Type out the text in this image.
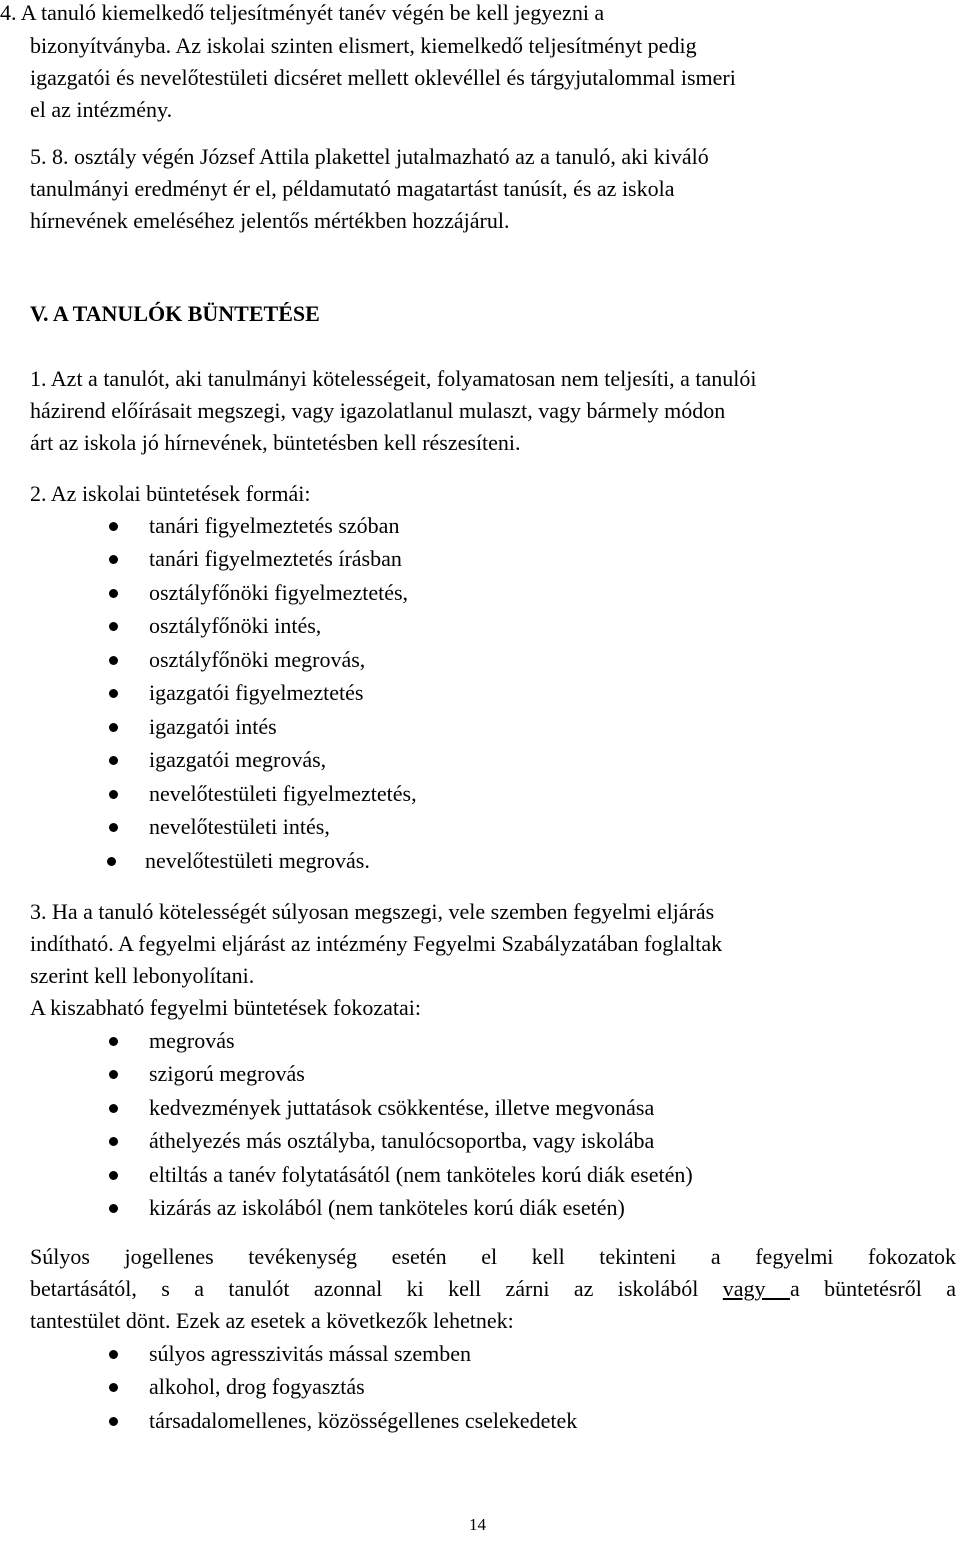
4. A tanuló kiemelkedő teljesítményét tanév végén be kell jegyezni a
bizonyítványba. Az iskolai szinten elismert, kiemelkedő teljesítményt pedig
igazgatói és nevelőtestületi dicséret mellett oklevéllel és tárgyjutalommal ismeri
el az intézmény.
5. 8. osztály végén József Attila plakettel jutalmazható az a tanuló, aki kiváló
tanulmányi eredményt ér el, példamutató magatartást tanúsít, és az iskola
hírnevének emeléséhez jelentős mértékben hozzájárul.
V. A TANULÓK BÜNTETÉSE
1. Azt a tanulót, aki tanulmányi kötelességeit, folyamatosan nem teljesíti, a tanulói
házirend előírásait megszegi, vagy igazolatlanul mulaszt, vagy bármely módon
árt az iskola jó hírnevének, büntetésben kell részesíteni.
2. Az iskolai büntetések formái:
tanári figyelmeztetés szóban
tanári figyelmeztetés írásban
osztályfőnöki figyelmeztetés,
osztályfőnöki intés,
osztályfőnöki megrovás,
igazgatói figyelmeztetés
igazgatói intés
igazgatói megrovás,
nevelőtestületi figyelmeztetés,
nevelőtestületi intés,
nevelőtestületi megrovás.
3. Ha a tanuló kötelességét súlyosan megszegi, vele szemben fegyelmi eljárás
indítható. A fegyelmi eljárást az intézmény Fegyelmi Szabályzatában foglaltak
szerint kell lebonyolítani.
A kiszabható fegyelmi büntetések fokozatai:
megrovás
szigorú megrovás
kedvezmények juttatások csökkentése, illetve megvonása
áthelyezés más osztályba, tanulócsoportba, vagy iskolába
eltiltás a tanév folytatásától (nem tanköteles korú diák esetén)
kizárás az iskolából (nem tanköteles korú diák esetén)
Súlyos jogellenes tevékenység esetén el kell tekinteni a fegyelmi fokozatok
betartásától, s a tanulót azonnal ki kell zárni az iskolából vagy a büntetésről a
tantestület dönt. Ezek az esetek a következők lehetnek:
súlyos agresszivitás mással szemben
alkohol, drog fogyasztás
társadalomellenes, közösségellenes cselekedetek
14
